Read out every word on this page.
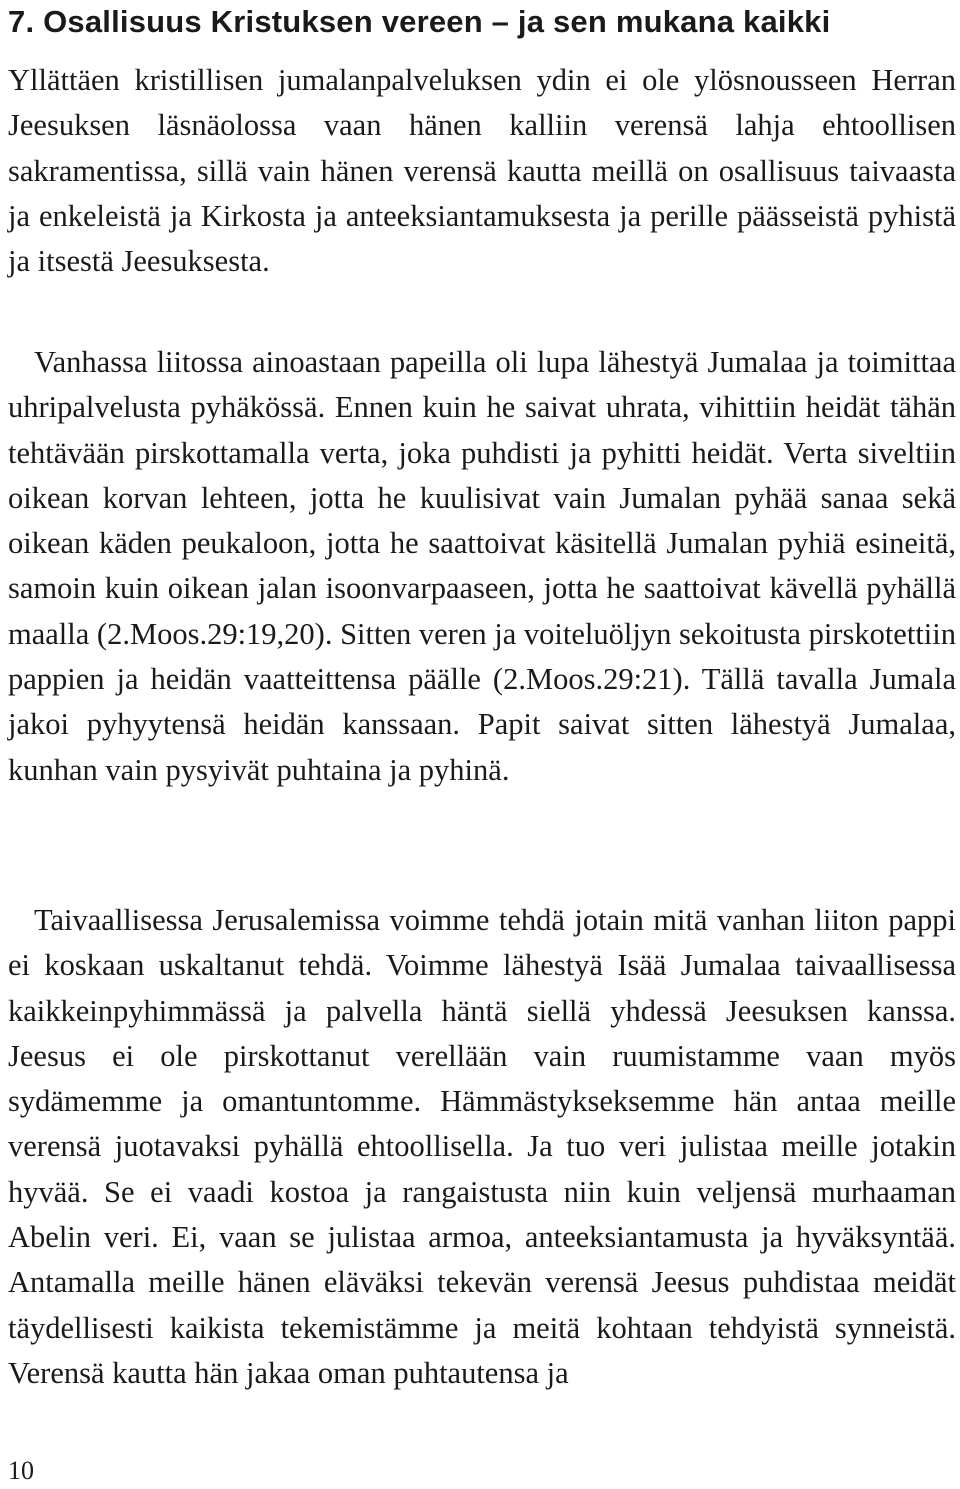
7. Osallisuus Kristuksen vereen – ja sen mukana kaikki

Yllättäen kristillisen jumalanpalveluksen ydin ei ole ylösnousseen Herran Jeesuksen läsnäolossa vaan hänen kalliin verensä lahja ehtoollisen sakramentissa, sillä vain hänen verensä kautta meillä on osallisuus taivaasta ja enkeleistä ja Kirkosta ja anteeksiantamuksesta ja perille päässeistä pyhistä ja itsestä Jeesuksesta.

Vanhassa liitossa ainoastaan papeilla oli lupa lähestyä Jumalaa ja toimittaa uhripalvelusta pyhäkössä. Ennen kuin he saivat uhrata, vihittiin heidät tähän tehtävään pirskottamalla verta, joka puhdisti ja pyhitti heidät. Verta siveltiin oikean korvan lehteen, jotta he kuulisivat vain Jumalan pyhää sanaa sekä oikean käden peukaloon, jotta he saattoivat käsitellä Jumalan pyhiä esineitä, samoin kuin oikean jalan isoonvarpaaseen, jotta he saattoivat kävellä pyhällä maalla (2.Moos.29:19,20). Sitten veren ja voiteluöljyn sekoitusta pirskotettiin pappien ja heidän vaatteittensa päälle (2.Moos.29:21). Tällä tavalla Jumala jakoi pyhyytensä heidän kanssaan. Papit saivat sitten lähestyä Jumalaa, kunhan vain pysyivät puhtaina ja pyhinä.

Taivaallisessa Jerusalemissa voimme tehdä jotain mitä vanhan liiton pappi ei koskaan uskaltanut tehdä. Voimme lähestyä Isää Jumalaa taivaallisessa kaikkeinpyhimmässä ja palvella häntä siellä yhdessä Jeesuksen kanssa. Jeesus ei ole pirskottanut verellään vain ruumistamme vaan myös sydämemme ja omantuntomme. Hämmästykseksemme hän antaa meille verensä juotavaksi pyhällä ehtoollisella. Ja tuo veri julistaa meille jotakin hyvää. Se ei vaadi kostoa ja rangaistusta niin kuin veljensä murhaaman Abelin veri. Ei, vaan se julistaa armoa, anteeksiantamusta ja hyväksyntää. Antamalla meille hänen eläväksi tekevän verensä Jeesus puhdistaa meidät täydellisesti kaikista tekemistämme ja meitä kohtaan tehdyistä synneistä. Verensä kautta hän jakaa oman puhtautensa ja

10
